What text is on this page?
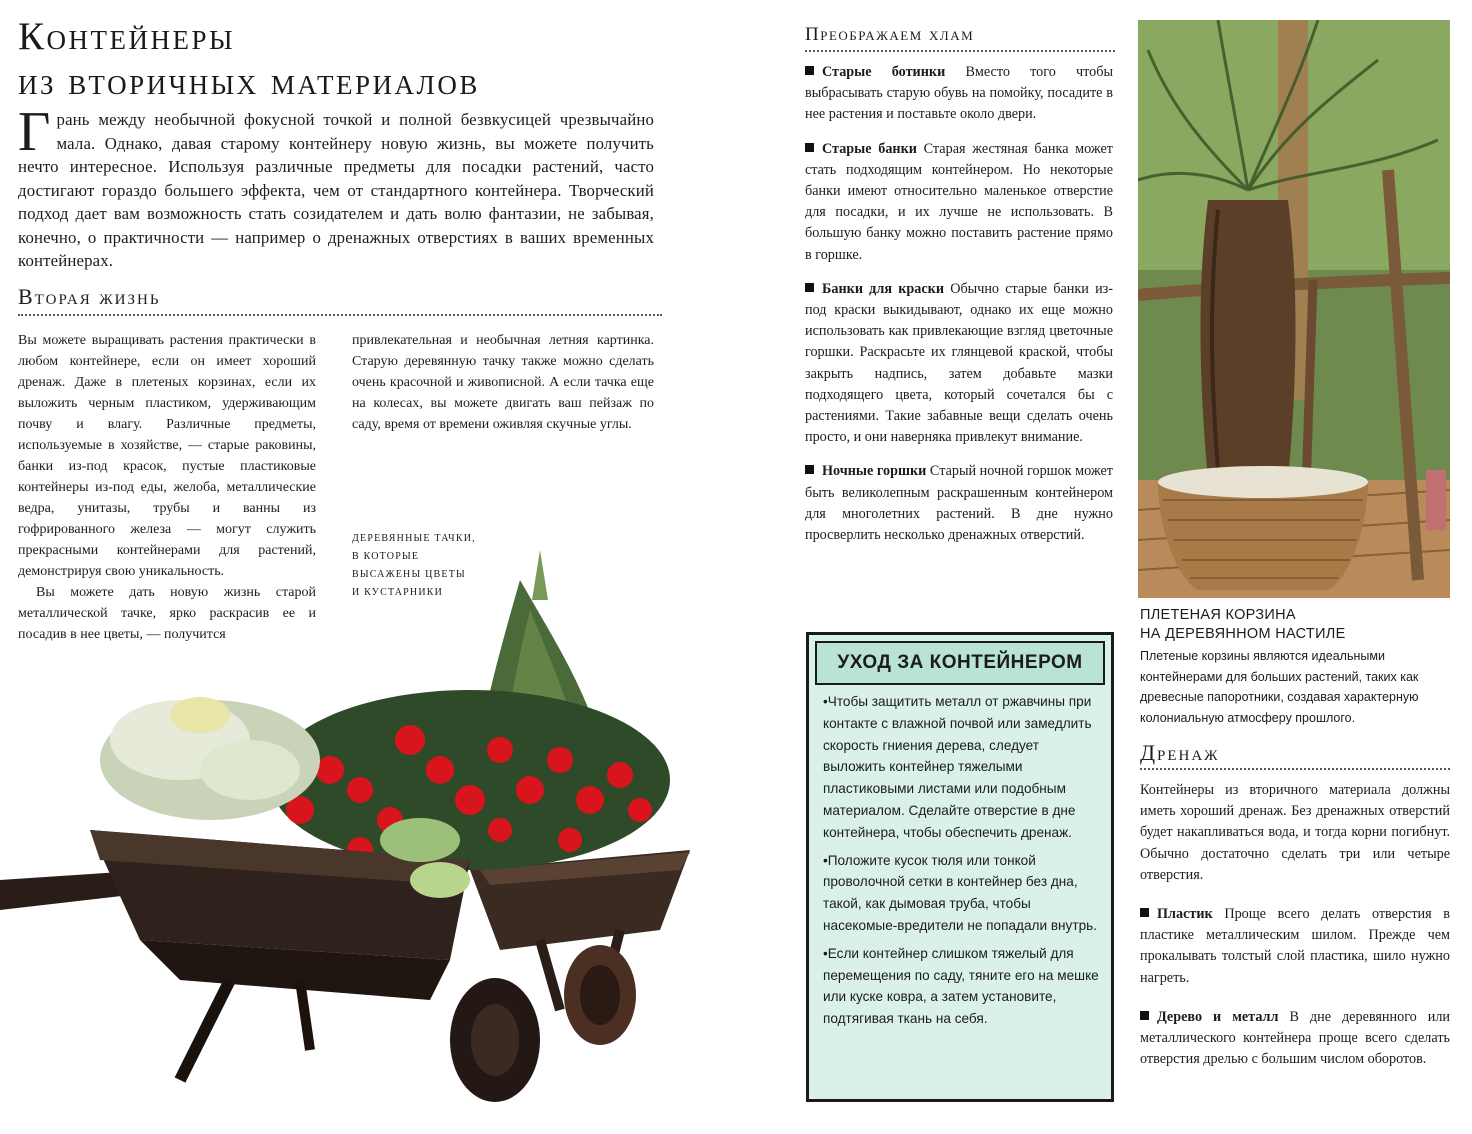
Контейнеры
из вторичных материалов
Грань между необычной фокусной точкой и полной безвкусицей чрезвычайно мала. Однако, давая старому контейнеру новую жизнь, вы можете получить нечто интересное. Используя различные предметы для посадки растений, часто достигают гораздо большего эффекта, чем от стандартного контейнера. Творческий подход дает вам возможность стать созидателем и дать волю фантазии, не забывая, конечно, о практичности — например о дренажных отверстиях в ваших временных контейнерах.
Вторая жизнь
Вы можете выращивать растения практически в любом контейнере, если он имеет хороший дренаж. Даже в плетеных корзинах, если их выложить черным пластиком, удерживающим почву и влагу. Различные предметы, используемые в хозяйстве, — старые раковины, банки из-под красок, пустые пластиковые контейнеры из-под еды, желоба, металлические ведра, унитазы, трубы и ванны из гофрированного железа — могут служить прекрасными контейнерами для растений, демонстрируя свою уникальность.
Вы можете дать новую жизнь старой металлической тачке, ярко раскрасив ее и посадив в нее цветы, — получится
привлекательная и необычная летняя картинка. Старую деревянную тачку также можно сделать очень красочной и живописной. А если тачка еще на колесах, вы можете двигать ваш пейзаж по саду, время от времени оживляя скучные углы.
ДЕРЕВЯННЫЕ ТАЧКИ,
В КОТОРЫЕ
ВЫСАЖЕНЫ ЦВЕТЫ
И КУСТАРНИКИ
Преображаем хлам
Старые ботинки Вместо того чтобы выбрасывать старую обувь на помойку, посадите в нее растения и поставьте около двери.
Старые банки Старая жестяная банка может стать подходящим контейнером. Но некоторые банки имеют относительно маленькое отверстие для посадки, и их лучше не использовать. В большую банку можно поставить растение прямо в горшке.
Банки для краски Обычно старые банки из-под краски выкидывают, однако их еще можно использовать как привлекающие взгляд цветочные горшки. Раскрасьте их глянцевой краской, чтобы закрыть надпись, затем добавьте мазки подходящего цвета, который сочетался бы с растениями. Такие забавные вещи сделать очень просто, и они наверняка привлекут внимание.
Ночные горшки Старый ночной горшок может быть великолепным раскрашенным контейнером для многолетних растений. В дне нужно просверлить несколько дренажных отверстий.
УХОД ЗА КОНТЕЙНЕРОМ

•Чтобы защитить металл от ржавчины при контакте с влажной почвой или замедлить скорость гниения дерева, следует выложить контейнер тяжелыми пластиковыми листами или подобным материалом. Сделайте отверстие в дне контейнера, чтобы обеспечить дренаж.

•Положите кусок тюля или тонкой проволочной сетки в контейнер без дна, такой, как дымовая труба, чтобы насекомые-вредители не попадали внутрь.

•Если контейнер слишком тяжелый для перемещения по саду, тяните его на мешке или куске ковра, а затем установите, подтягивая ткань на себя.

ПЛЕТЕНАЯ КОРЗИНА
НА ДЕРЕВЯННОМ НАСТИЛЕ
Плетеные корзины являются идеальными контейнерами для больших растений, таких как древесные папоротники, создавая характерную колониальную атмосферу прошлого.
Дренаж
Контейнеры из вторичного материала должны иметь хороший дренаж. Без дренажных отверстий будет накапливаться вода, и тогда корни погибнут. Обычно достаточно сделать три или четыре отверстия.
Пластик Проще всего делать отверстия в пластике металлическим шилом. Прежде чем прокалывать толстый слой пластика, шило нужно нагреть.
Дерево и металл В дне деревянного или металлического контейнера проще всего сделать отверстия дрелью с большим числом оборотов.
